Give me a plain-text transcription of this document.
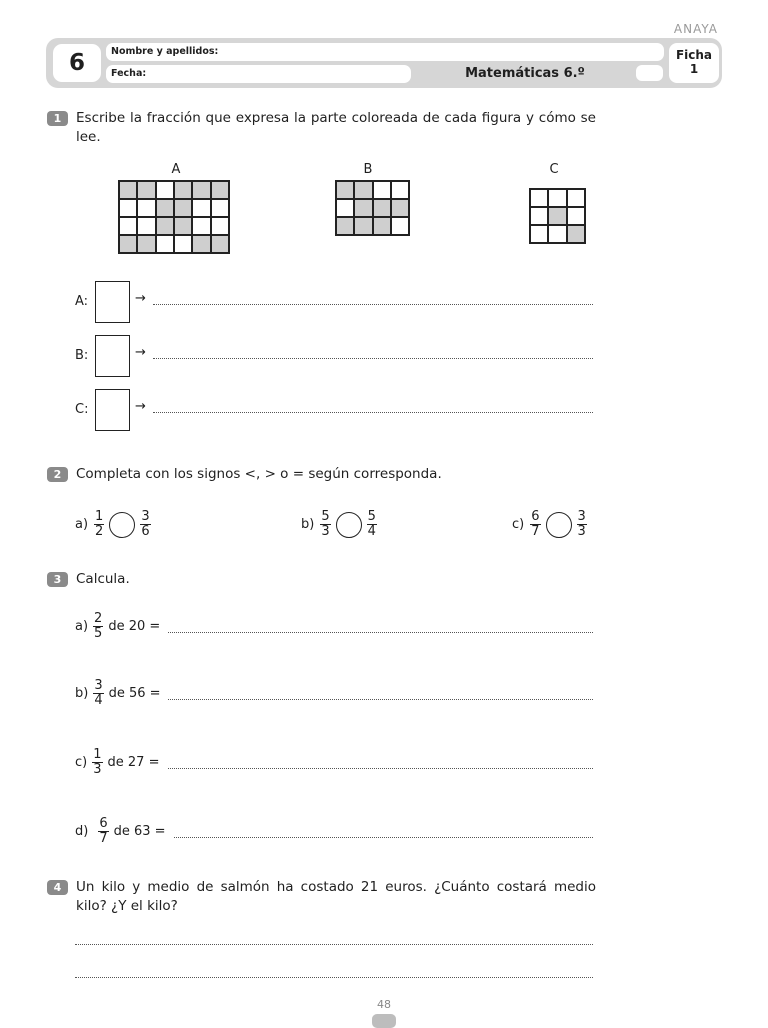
ANAYA
6	Nombre y apellidos:
Fecha:	Matemáticas 6.º
Ficha
1
1	Escribe la fracción que expresa la parte coloreada de cada figura y cómo se lee.
A	B	C
A:	→
B:	→
C:	→
2	Completa con los signos <, > o = según corresponda.
$a) \frac{1}{2}$	$\frac{3}{6}$	$b) \frac{5}{3}$	$\frac{5}{4}$	$c) \frac{6}{7}$	$\frac{3}{3}$
3	Calcula.
$a) \frac{2}{5}$ de 20 =
$b) \frac{3}{4}$ de 56 =
$c) \frac{1}{3}$ de 27 =
$d) \frac{6}{7}$ de 63 =
4	Un kilo y medio de salmón ha costado 21 euros. ¿Cuánto costará medio kilo? ¿Y el kilo?
48
